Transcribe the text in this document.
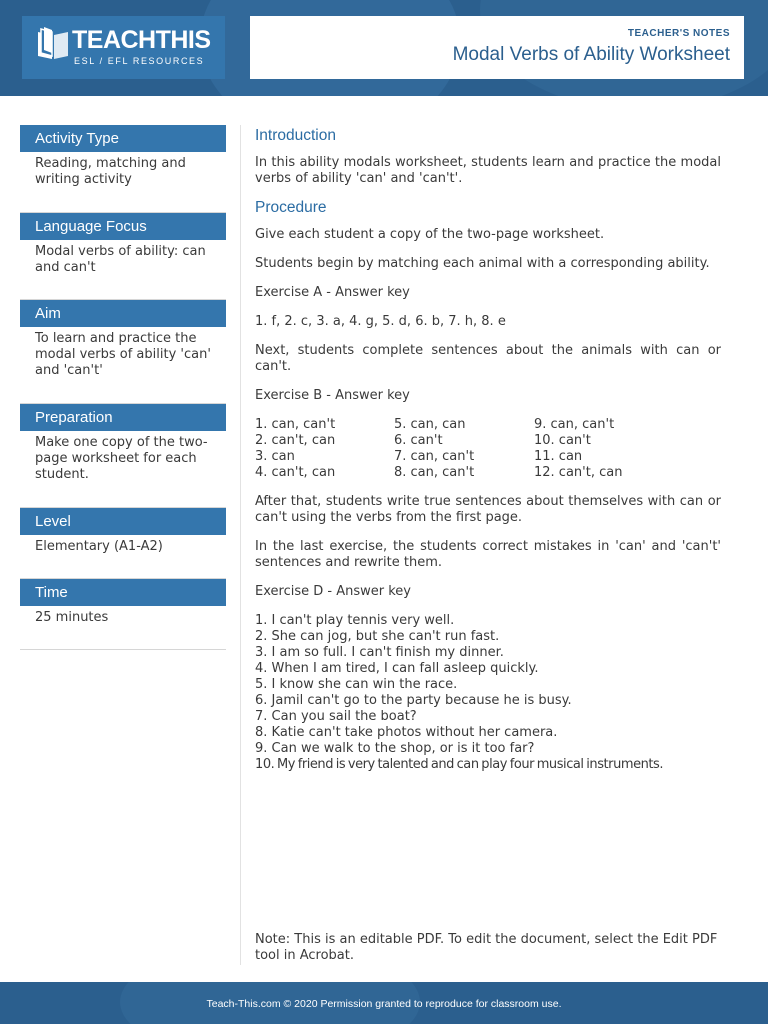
TEACHTHIS
ESL / EFL RESOURCES
TEACHER'S NOTES
Modal Verbs of Ability Worksheet
Activity Type
Reading, matching and writing activity
Language Focus
Modal verbs of ability: can and can't
Aim
To learn and practice the modal verbs of ability 'can' and 'can't'
Preparation
Make one copy of the two-page worksheet for each student.
Level
Elementary (A1-A2)
Time
25 minutes
Introduction

In this ability modals worksheet, students learn and practice the modal verbs of ability 'can' and 'can't'.

Procedure

Give each student a copy of the two-page worksheet.

Students begin by matching each animal with a corresponding ability.

Exercise A - Answer key

1. f, 2. c, 3. a, 4. g, 5. d, 6. b, 7. h, 8. e

Next, students complete sentences about the animals with can or can't.

Exercise B - Answer key

1. can, can't	5. can, can	9. can, can't
2. can't, can	6. can't	10. can't
3. can	7. can, can't	11. can
4. can't, can	8. can, can't	12. can't, can

After that, students write true sentences about themselves with can or can't using the verbs from the first page.

In the last exercise, the students correct mistakes in 'can' and 'can't' sentences and rewrite them.

Exercise D - Answer key

1. I can't play tennis very well.
2. She can jog, but she can't run fast.
3. I am so full. I can't finish my dinner.
4. When I am tired, I can fall asleep quickly.
5. I know she can win the race.
6. Jamil can't go to the party because he is busy.
7. Can you sail the boat?
8. Katie can't take photos without her camera.
9. Can we walk to the shop, or is it too far?
10. My friend is very talented and can play four musical instruments.
Note: This is an editable PDF. To edit the document, select the Edit PDF tool in Acrobat.
Teach-This.com © 2020 Permission granted to reproduce for classroom use.
